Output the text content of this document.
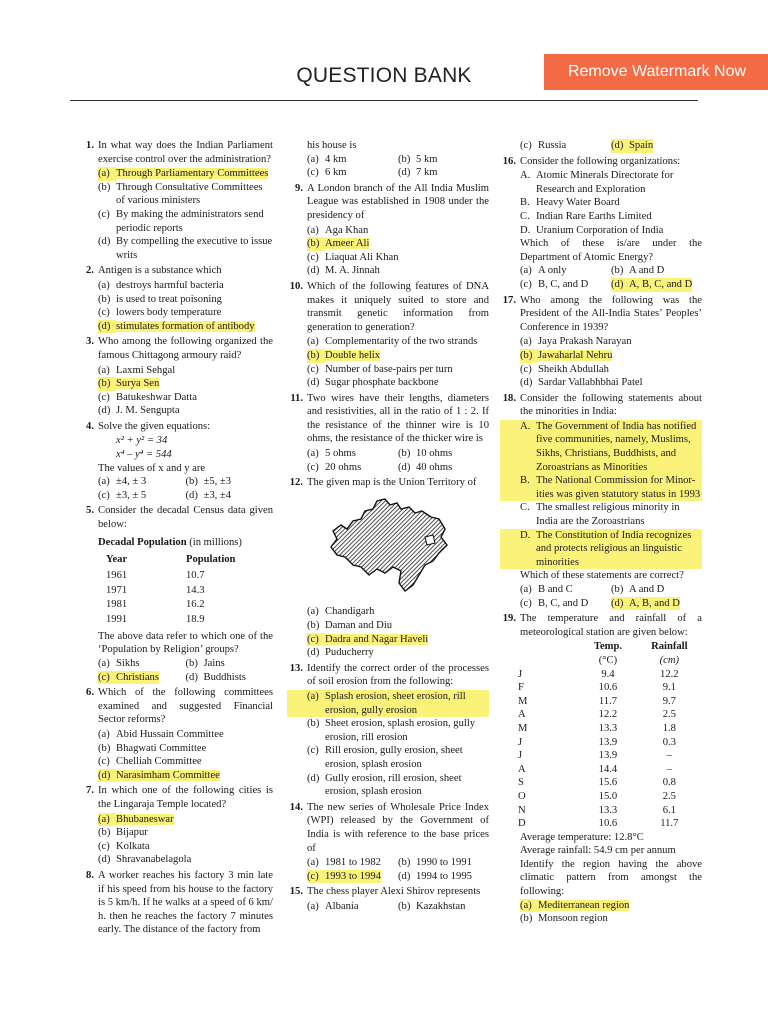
QUESTION BANK	Remove Watermark Now
1. In what way does the Indian Parliament exercise control over the administration?
(a) Through Parliamentary Committees
(b) Through Consultative Committees of various ministers
(c) By making the administrators send periodic reports
(d) By compelling the executive to issue writs
2. Antigen is a substance which
(a) destroys harmful bacteria
(b) is used to treat poisoning
(c) lowers body temperature
(d) stimulates formation of antibody
3. Who among the following organized the famous Chittagong armoury raid?
(a) Laxmi Sehgal
(b) Surya Sen
(c) Batukeshwar Datta
(d) J. M. Sengupta
4. Solve the given equations:
x² + y² = 34
x⁴ – y⁴ = 544
The values of x and y are
(a) ±4, ± 3	(b) ±5, ±3
(c) ±3, ± 5	(d) ±3, ±4
5. Consider the decadal Census data given below:
Decadal Population (in millions)
Year	Population
1961	10.7
1971	14.3
1981	16.2
1991	18.9
The above data refer to which one of the ‘Population by Religion’ groups?
(a) Sikhs	(b) Jains
(c) Christians	(d) Buddhists
6. Which of the following committees examined and suggested Financial Sector reforms?
(a) Abid Hussain Committee
(b) Bhagwati Committee
(c) Chelliah Committee
(d) Narasimham Committee
7. In which one of the following cities is the Lingaraja Temple located?
(a) Bhubaneswar
(b) Bijapur
(c) Kolkata
(d) Shravanabelagola
8. A worker reaches his factory 3 min late if his speed from his house to the factory is 5 km/h. If he walks at a speed of 6 km/ h. then he reaches the factory 7 minutes early. The distance of the factory from
his house is
(a) 4 km	(b) 5 km
(c) 6 km	(d) 7 km
9. A London branch of the All India Muslim League was established in 1908 under the presidency of
(a) Aga Khan
(b) Ameer Ali
(c) Liaquat Ali Khan
(d) M. A. Jinnah
10. Which of the following features of DNA makes it uniquely suited to store and transmit genetic information from generation to generation?
(a) Complementarity of the two strands
(b) Double helix
(c) Number of base-pairs per turn
(d) Sugar phosphate backbone
11. Two wires have their lengths, diameters and resistivities, all in the ratio of 1 : 2. If the resistance of the thinner wire is 10 ohms, the resistance of the thicker wire is
(a) 5 ohms	(b) 10 ohms
(c) 20 ohms	(d) 40 ohms
12. The given map is the Union Territory of
(a) Chandigarh
(b) Daman and Diu
(c) Dadra and Nagar Haveli
(d) Puducherry
13. Identify the correct order of the processes of soil erosion from the following:
(a) Splash erosion, sheet erosion, rill erosion, gully erosion
(b) Sheet erosion, splash erosion, gully erosion, rill erosion
(c) Rill erosion, gully erosion, sheet erosion, splash erosion
(d) Gully erosion, rill erosion, sheet erosion, splash erosion
14. The new series of Wholesale Price Index (WPI) released by the Government of India is with reference to the base prices of
(a) 1981 to 1982 (b) 1990 to 1991
(c) 1993 to 1994 (d) 1994 to 1995
15. The chess player Alexi Shirov represents
(a) Albania	(b) Kazakhstan
(c) Russia	(d) Spain
16. Consider the following organizations:
A. Atomic Minerals Directorate for Research and Exploration
B. Heavy Water Board
C. Indian Rare Earths Limited
D. Uranium Corporation of India
Which of these is/are under the Department of Atomic Energy?
(a) A only	(b) A and D
(c) B, C, and D (d) A, B, C, and D
17. Who among the following was the President of the All-India States’ Peoples’ Conference in 1939?
(a) Jaya Prakash Narayan
(b) Jawaharlal Nehru
(c) Sheikh Abdullah
(d) Sardar Vallabhbhai Patel
18. Consider the following statements about the minorities in India:
A. The Government of India has notified five communities, namely, Muslims, Sikhs, Christians, Buddhists, and Zoroastrians as Minorities
B. The National Commission for Minor-ities was given statutory status in 1993
C. The smallest religious minority in India are the Zoroastrians
D. The Constitution of India recognizes and protects religious an linguistic minorities
Which of these statements are correct?
(a) B and C	(b) A and D
(c) B, C, and D (d) A, B, and D
19. The temperature and rainfall of a meteorological station are given below:
	Temp.	Rainfall
	(°C)	(cm)
J	9.4	12.2
F	10.6	9.1
M	11.7	9.7
A	12.2	2.5
M	13.3	1.8
J	13.9	0.3
J	13.9	–
A	14.4	–
S	15.6	0.8
O	15.0	2.5
N	13.3	6.1
D	10.6	11.7
Average temperature: 12.8°C
Average rainfall: 54.9 cm per annum
Identify the region having the above climatic pattern from amongst the following:
(a) Mediterranean region
(b) Monsoon region
